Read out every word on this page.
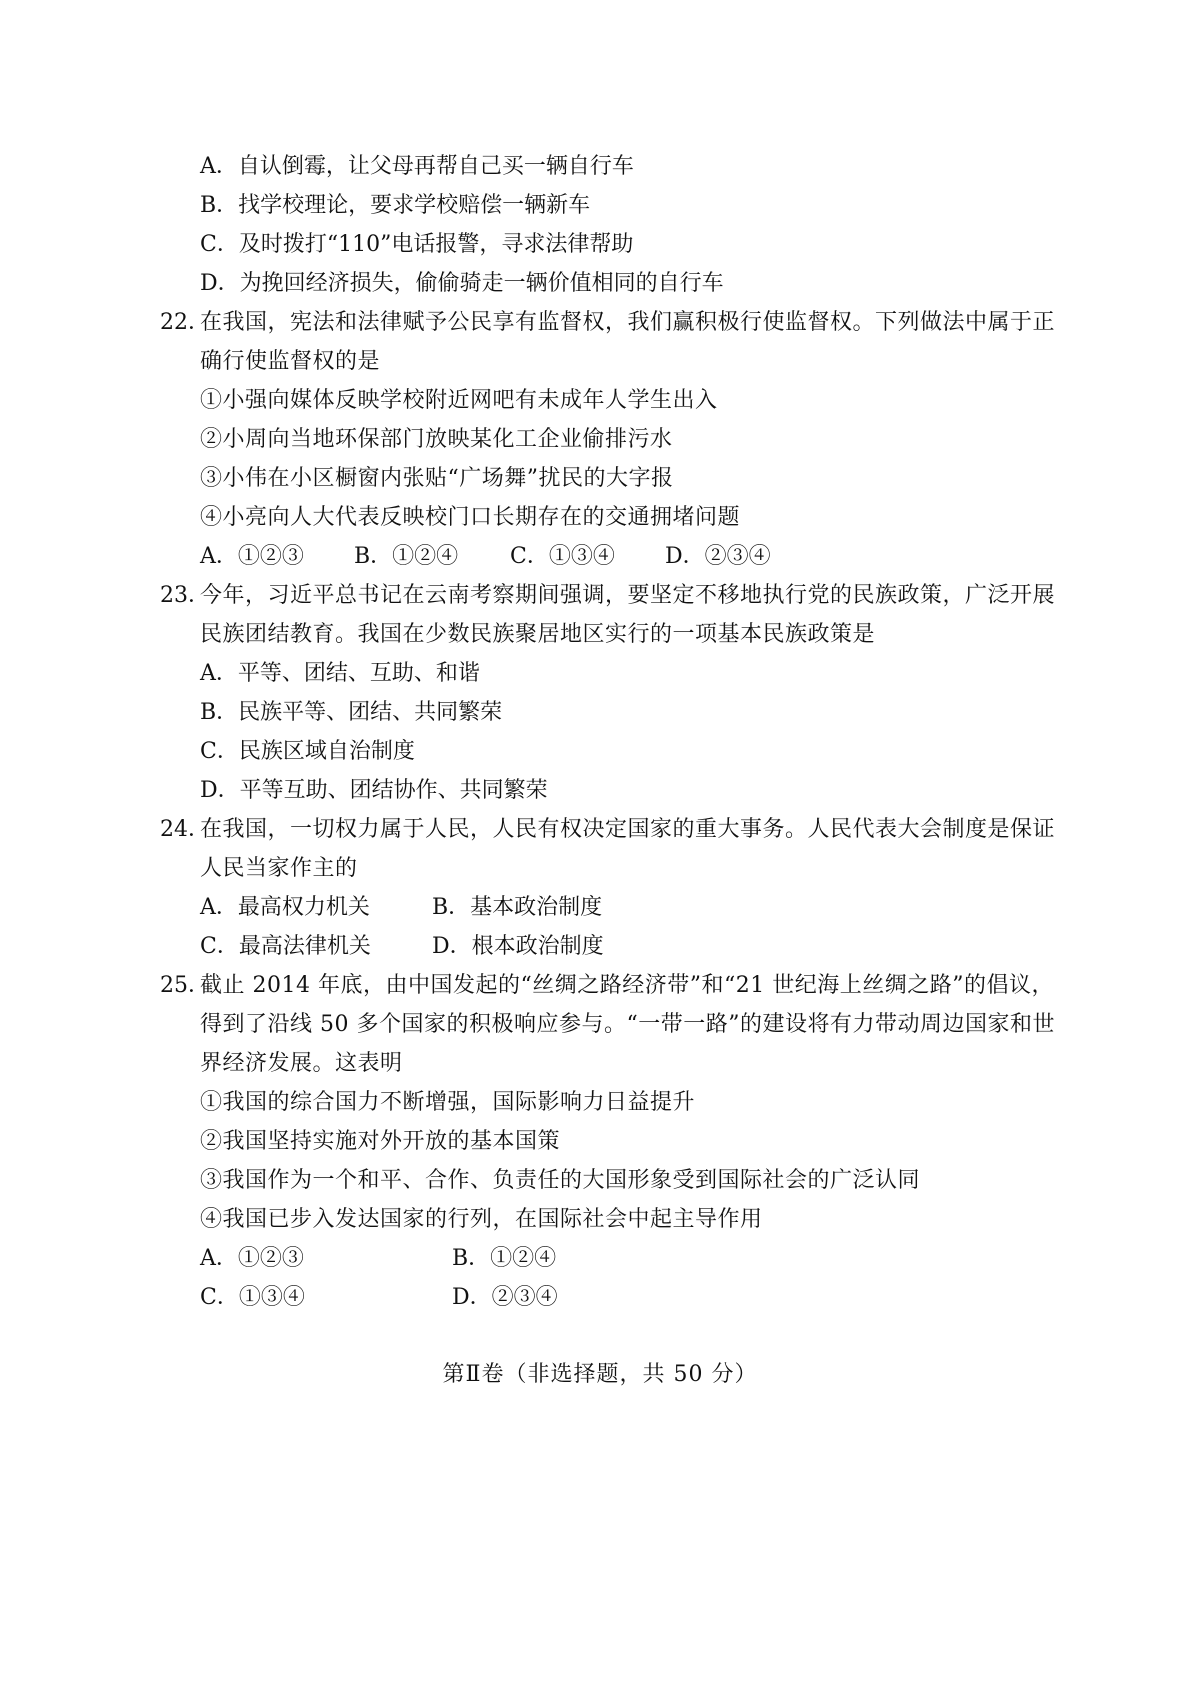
A．自认倒霉，让父母再帮自己买一辆自行车
B．找学校理论，要求学校赔偿一辆新车
C．及时拨打“110”电话报警，寻求法律帮助
D．为挽回经济损失，偷偷骑走一辆价值相同的自行车
22．
在我国，宪法和法律赋予公民享有监督权，我们赢积极行使监督权。下列做法中属于正
确行使监督权的是
①小强向媒体反映学校附近网吧有未成年人学生出入
②小周向当地环保部门放映某化工企业偷排污水
③小伟在小区橱窗内张贴“广场舞”扰民的大字报
④小亮向人大代表反映校门口长期存在的交通拥堵问题
A．①②③ B．①②④ C．①③④ D．②③④
23．
今年，习近平总书记在云南考察期间强调，要坚定不移地执行党的民族政策，广泛开展
民族团结教育。我国在少数民族聚居地区实行的一项基本民族政策是
A．平等、团结、互助、和谐
B．民族平等、团结、共同繁荣
C．民族区域自治制度
D．平等互助、团结协作、共同繁荣
24．
在我国，一切权力属于人民，人民有权决定国家的重大事务。人民代表大会制度是保证
人民当家作主的
A．最高权力机关	B．基本政治制度
C．最高法律机关	D．根本政治制度
25．
截止 2014 年底，由中国发起的“丝绸之路经济带”和“21 世纪海上丝绸之路”的倡议，
得到了沿线 50 多个国家的积极响应参与。“一带一路”的建设将有力带动周边国家和世
界经济发展。这表明
①我国的综合国力不断增强，国际影响力日益提升
②我国坚持实施对外开放的基本国策
③我国作为一个和平、合作、负责任的大国形象受到国际社会的广泛认同
④我国已步入发达国家的行列，在国际社会中起主导作用
A．①②③	B．①②④
C．①③④	D．②③④
第Ⅱ卷（非选择题，共 50 分）
